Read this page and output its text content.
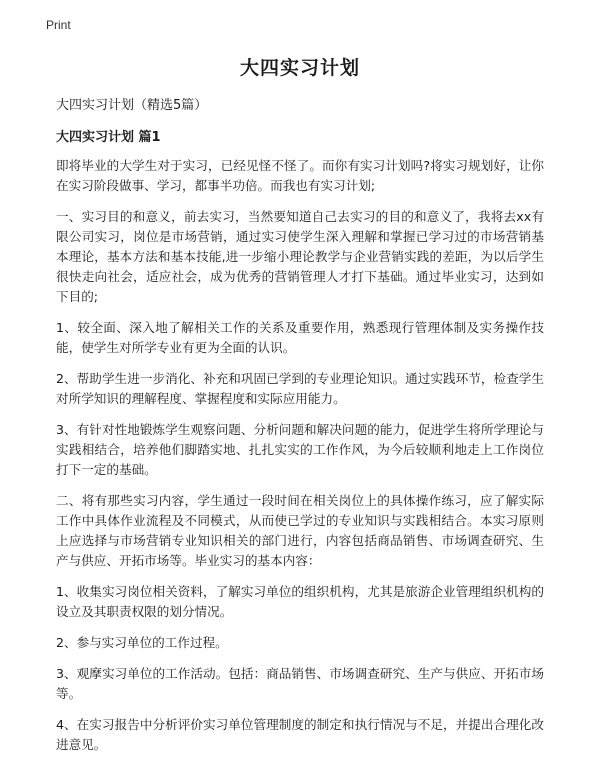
Print
大四实习计划
大四实习计划（精选5篇）
大四实习计划 篇1

即将毕业的大学生对于实习，已经见怪不怪了。而你有实习计划吗?将实习规划好，让你在实习阶段做事、学习，都事半功倍。而我也有实习计划;

一、实习目的和意义，前去实习，当然要知道自己去实习的目的和意义了，我将去xx有限公司实习，岗位是市场营销，通过实习使学生深入理解和掌握已学习过的市场营销基本理论，基本方法和基本技能,进一步缩小理论教学与企业营销实践的差距，为以后学生很快走向社会，适应社会，成为优秀的营销管理人才打下基础。通过毕业实习，达到如下目的;

1、较全面、深入地了解相关工作的关系及重要作用，熟悉现行管理体制及实务操作技能，使学生对所学专业有更为全面的认识。

2、帮助学生进一步消化、补充和巩固已学到的专业理论知识。通过实践环节，检查学生对所学知识的理解程度、掌握程度和实际应用能力。

3、有针对性地锻炼学生观察问题、分析问题和解决问题的能力，促进学生将所学理论与实践相结合，培养他们脚踏实地、扎扎实实的工作作风，为今后较顺利地走上工作岗位打下一定的基础。

二、将有那些实习内容，学生通过一段时间在相关岗位上的具体操作练习，应了解实际工作中具体作业流程及不同模式，从而使已学过的专业知识与实践相结合。本实习原则上应选择与市场营销专业知识相关的部门进行，内容包括商品销售、市场调查研究、生产与供应、开拓市场等。毕业实习的基本内容：

1、收集实习岗位相关资料，了解实习单位的组织机构，尤其是旅游企业管理组织机构的设立及其职责权限的划分情况。

2、参与实习单位的工作过程。

3、观摩实习单位的工作活动。包括：商品销售、市场调查研究、生产与供应、开拓市场等。

4、在实习报告中分析评价实习单位管理制度的制定和执行情况与不足，并提出合理化改进意见。
